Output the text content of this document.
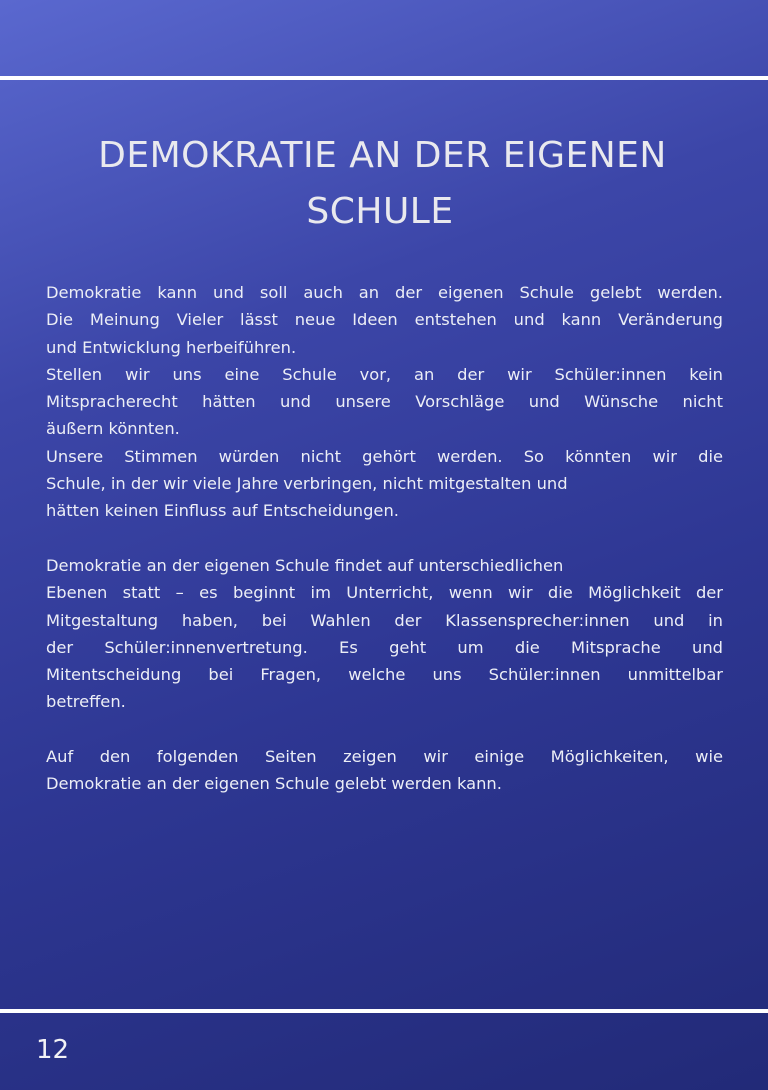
DEMOKRATIE AN DER EIGENEN
SCHULE

Demokratie kann und soll auch an der eigenen Schule gelebt werden.

Die Meinung Vieler lässt neue Ideen entstehen und kann Veränderung

und Entwicklung herbeiführen.

Stellen wir uns eine Schule vor, an der wir Schüler:innen kein

Mitspracherecht hätten und unsere Vorschläge und Wünsche nicht

äußern könnten.

Unsere Stimmen würden nicht gehört werden. So könnten wir die

Schule, in der wir viele Jahre verbringen, nicht mitgestalten und

hätten keinen Einfluss auf Entscheidungen.

Demokratie an der eigenen Schule findet auf unterschiedlichen

Ebenen statt – es beginnt im Unterricht, wenn wir die Möglichkeit der

Mitgestaltung haben, bei Wahlen der Klassensprecher:innen und in

der Schüler:innenvertretung. Es geht um die Mitsprache und

Mitentscheidung bei Fragen, welche uns Schüler:innen unmittelbar

betreffen.

Auf den folgenden Seiten zeigen wir einige Möglichkeiten, wie

Demokratie an der eigenen Schule gelebt werden kann.

12
